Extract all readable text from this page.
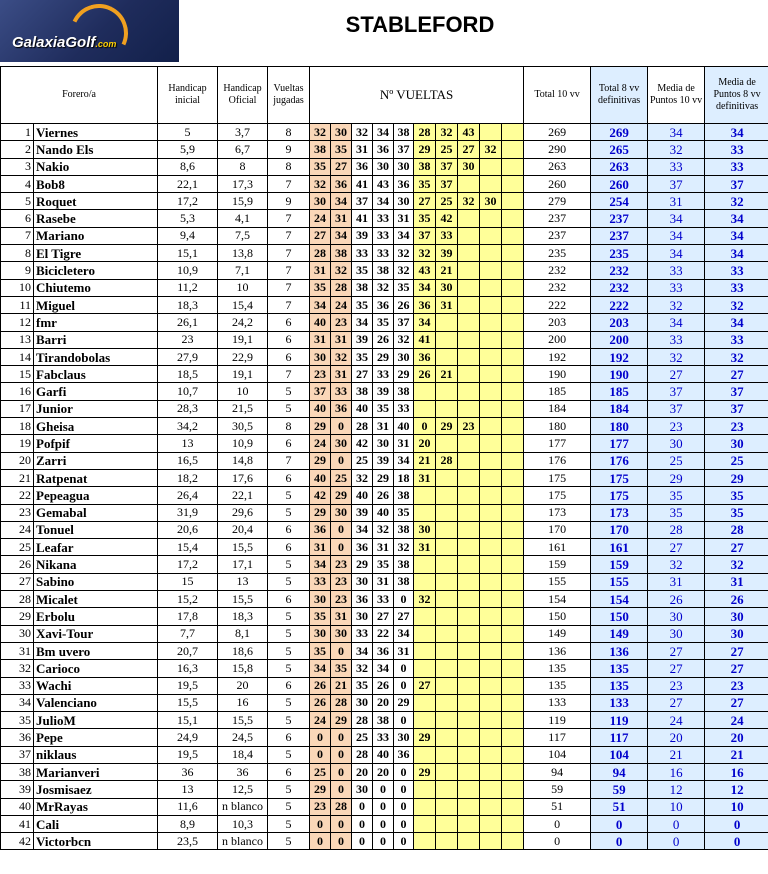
GalaxiaGolf.com
STABLEFORD
Forero/a		Handicap inicial	Handicap Oficial	Vueltas jugadas	Nº VUELTAS										Total 10 vv	Total 8 vv definitivas	Media de Puntos 10 vv	Media de Puntos 8 vv definitivas
1	Viernes	5	3,7	8	32	30	32	34	38	28	32	43			269	269	34	34
2	Nando Els	5,9	6,7	9	38	35	31	36	37	29	25	27	32		290	265	32	33
3	Nakio	8,6	8	8	35	27	36	30	30	38	37	30			263	263	33	33
4	Bob8	22,1	17,3	7	32	36	41	43	36	35	37				260	260	37	37
5	Roquet	17,2	15,9	9	30	34	37	34	30	27	25	32	30		279	254	31	32
6	Rasebe	5,3	4,1	7	24	31	41	33	31	35	42				237	237	34	34
7	Mariano	9,4	7,5	7	27	34	39	33	34	37	33				237	237	34	34
8	El Tigre	15,1	13,8	7	28	38	33	33	32	32	39				235	235	34	34
9	Bicicletero	10,9	7,1	7	31	32	35	38	32	43	21				232	232	33	33
10	Chiutemo	11,2	10	7	35	28	38	32	35	34	30				232	232	33	33
11	Miguel	18,3	15,4	7	34	24	35	36	26	36	31				222	222	32	32
12	fmr	26,1	24,2	6	40	23	34	35	37	34					203	203	34	34
13	Barri	23	19,1	6	31	31	39	26	32	41					200	200	33	33
14	Tirandobolas	27,9	22,9	6	30	32	35	29	30	36					192	192	32	32
15	Fabclaus	18,5	19,1	7	23	31	27	33	29	26	21				190	190	27	27
16	Garfi	10,7	10	5	37	33	38	39	38						185	185	37	37
17	Junior	28,3	21,5	5	40	36	40	35	33						184	184	37	37
18	Gheisa	34,2	30,5	8	29	0	28	31	40	0	29	23			180	180	23	23
19	Pofpif	13	10,9	6	24	30	42	30	31	20					177	177	30	30
20	Zarri	16,5	14,8	7	29	0	25	39	34	21	28				176	176	25	25
21	Ratpenat	18,2	17,6	6	40	25	32	29	18	31					175	175	29	29
22	Pepeagua	26,4	22,1	5	42	29	40	26	38						175	175	35	35
23	Gemabal	31,9	29,6	5	29	30	39	40	35						173	173	35	35
24	Tonuel	20,6	20,4	6	36	0	34	32	38	30					170	170	28	28
25	Leafar	15,4	15,5	6	31	0	36	31	32	31					161	161	27	27
26	Nikana	17,2	17,1	5	34	23	29	35	38						159	159	32	32
27	Sabino	15	13	5	33	23	30	31	38						155	155	31	31
28	Micalet	15,2	15,5	6	30	23	36	33	0	32					154	154	26	26
29	Erbolu	17,8	18,3	5	35	31	30	27	27						150	150	30	30
30	Xavi-Tour	7,7	8,1	5	30	30	33	22	34						149	149	30	30
31	Bm uvero	20,7	18,6	5	35	0	34	36	31						136	136	27	27
32	Carioco	16,3	15,8	5	34	35	32	34	0						135	135	27	27
33	Wachi	19,5	20	6	26	21	35	26	0	27					135	135	23	23
34	Valenciano	15,5	16	5	26	28	30	20	29						133	133	27	27
35	JulioM	15,1	15,5	5	24	29	28	38	0						119	119	24	24
36	Pepe	24,9	24,5	6	0	0	25	33	30	29					117	117	20	20
37	niklaus	19,5	18,4	5	0	0	28	40	36						104	104	21	21
38	Marianveri	36	36	6	25	0	20	20	0	29					94	94	16	16
39	Josmisaez	13	12,5	5	29	0	30	0	0						59	59	12	12
40	MrRayas	11,6	n blanco	5	23	28	0	0	0						51	51	10	10
41	Cali	8,9	10,3	5	0	0	0	0	0						0	0	0	0
42	Victorbcn	23,5	n blanco	5	0	0	0	0	0						0	0	0	0
